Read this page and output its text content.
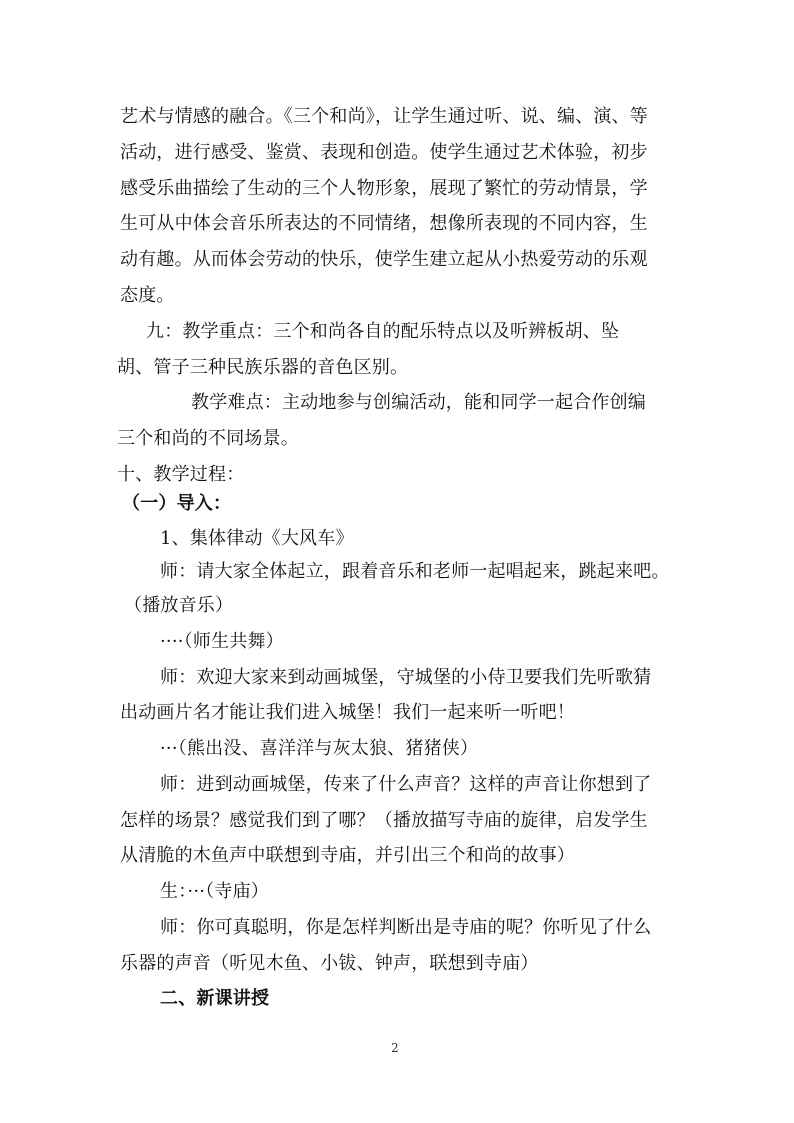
艺术与情感的融合。《三个和尚》，让学生通过听、说、编、演、等
活动，进行感受、鉴赏、表现和创造。使学生通过艺术体验，初步
感受乐曲描绘了生动的三个人物形象，展现了繁忙的劳动情景，学
生可从中体会音乐所表达的不同情绪，想像所表现的不同内容，生
动有趣。从而体会劳动的快乐，使学生建立起从小热爱劳动的乐观
态度。
九：教学重点：三个和尚各自的配乐特点以及听辨板胡、坠
胡、管子三种民族乐器的音色区别。
教学难点：主动地参与创编活动，能和同学一起合作创编
三个和尚的不同场景。
十、教学过程：
（一）导入：
1、集体律动《大风车》
师：请大家全体起立，跟着音乐和老师一起唱起来，跳起来吧。
（播放音乐）
····（师生共舞）
师：欢迎大家来到动画城堡，守城堡的小侍卫要我们先听歌猜
出动画片名才能让我们进入城堡！我们一起来听一听吧！
···（熊出没、喜洋洋与灰太狼、猪猪侠）
师：进到动画城堡，传来了什么声音？这样的声音让你想到了
怎样的场景？感觉我们到了哪？（播放描写寺庙的旋律，启发学生
从清脆的木鱼声中联想到寺庙，并引出三个和尚的故事）
生：···（寺庙）
师：你可真聪明，你是怎样判断出是寺庙的呢？你听见了什么
乐器的声音（听见木鱼、小钹、钟声，联想到寺庙）
二、新课讲授
2
